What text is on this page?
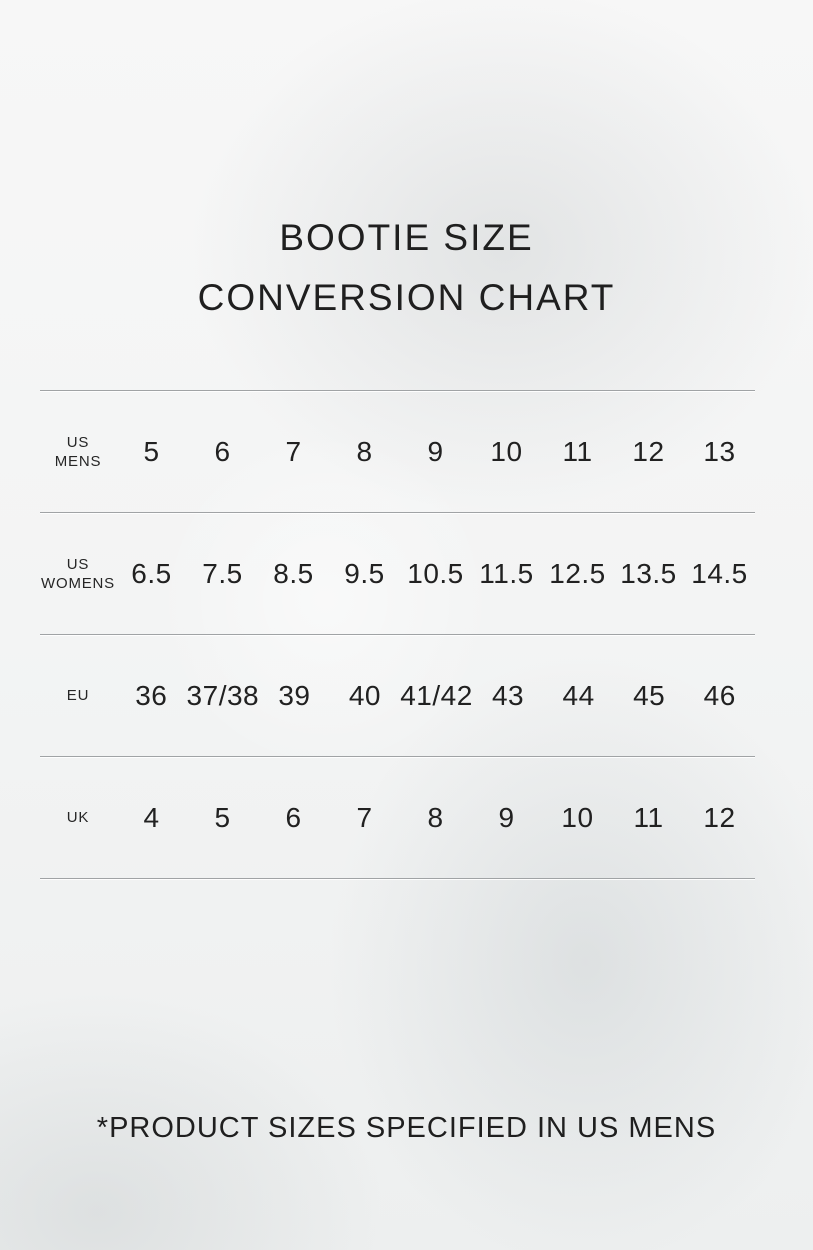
BOOTIE SIZE
CONVERSION CHART
US
MENS	5	6	7	8	9	10	11	12	13
US
WOMENS 6.5	7.5	8.5	9.5 10.5 11.5 12.5 13.5 14.5
EU	36 37/38 39	40 41/42 43	44	45	46
UK	4	5	6	7	8	9	10	11	12
*PRODUCT SIZES SPECIFIED IN US MENS
